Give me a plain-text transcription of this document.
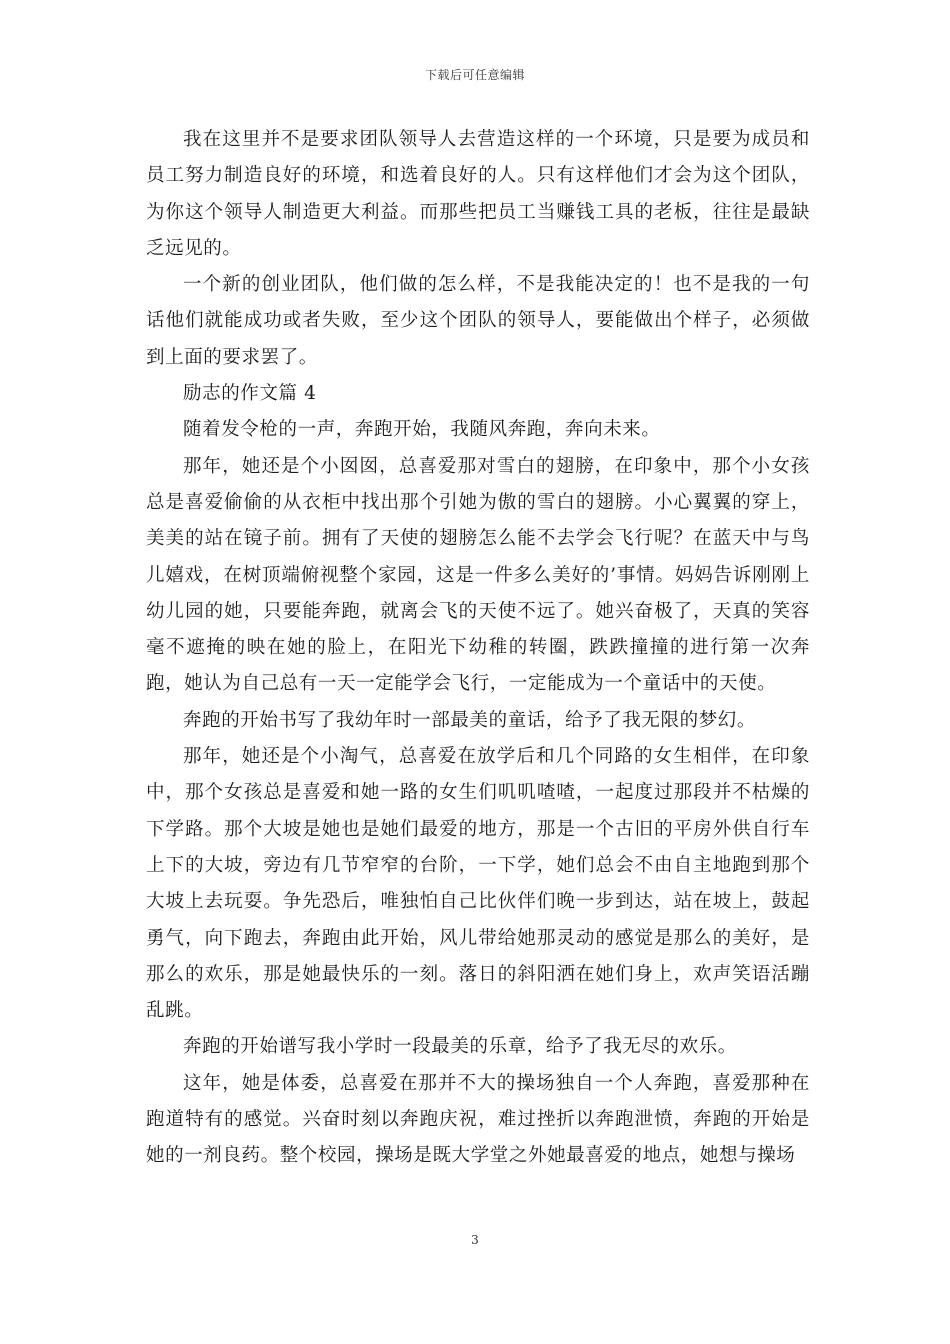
下载后可任意编辑

我在这里并不是要求团队领导人去营造这样的一个环境，只是要为成员和员工努力制造良好的环境，和选着良好的人。只有这样他们才会为这个团队，为你这个领导人制造更大利益。而那些把员工当赚钱工具的老板，往往是最缺乏远见的。

一个新的创业团队，他们做的怎么样，不是我能决定的！也不是我的一句话他们就能成功或者失败，至少这个团队的领导人，要能做出个样子，必须做到上面的要求罢了。

励志的作文篇 4

随着发令枪的一声，奔跑开始，我随风奔跑，奔向未来。

那年，她还是个小囡囡，总喜爱那对雪白的翅膀，在印象中，那个小女孩总是喜爱偷偷的从衣柜中找出那个引她为傲的雪白的翅膀。小心翼翼的穿上，美美的站在镜子前。拥有了天使的翅膀怎么能不去学会飞行呢？在蓝天中与鸟儿嬉戏，在树顶端俯视整个家园，这是一件多么美好的’事情。妈妈告诉刚刚上幼儿园的她，只要能奔跑，就离会飞的天使不远了。她兴奋极了，天真的笑容毫不遮掩的映在她的脸上，在阳光下幼稚的转圈，跌跌撞撞的进行第一次奔跑，她认为自己总有一天一定能学会飞行，一定能成为一个童话中的天使。

奔跑的开始书写了我幼年时一部最美的童话，给予了我无限的梦幻。

那年，她还是个小淘气，总喜爱在放学后和几个同路的女生相伴，在印象中，那个女孩总是喜爱和她一路的女生们叽叽喳喳，一起度过那段并不枯燥的下学路。那个大坡是她也是她们最爱的地方，那是一个古旧的平房外供自行车上下的大坡，旁边有几节窄窄的台阶，一下学，她们总会不由自主地跑到那个大坡上去玩耍。争先恐后，唯独怕自己比伙伴们晚一步到达，站在坡上，鼓起勇气，向下跑去，奔跑由此开始，风儿带给她那灵动的感觉是那么的美好，是那么的欢乐，那是她最快乐的一刻。落日的斜阳洒在她们身上，欢声笑语活蹦乱跳。

奔跑的开始谱写我小学时一段最美的乐章，给予了我无尽的欢乐。

这年，她是体委，总喜爱在那并不大的操场独自一个人奔跑，喜爱那种在跑道特有的感觉。兴奋时刻以奔跑庆祝，难过挫折以奔跑泄愤，奔跑的开始是她的一剂良药。整个校园，操场是既大学堂之外她最喜爱的地点，她想与操场

3
